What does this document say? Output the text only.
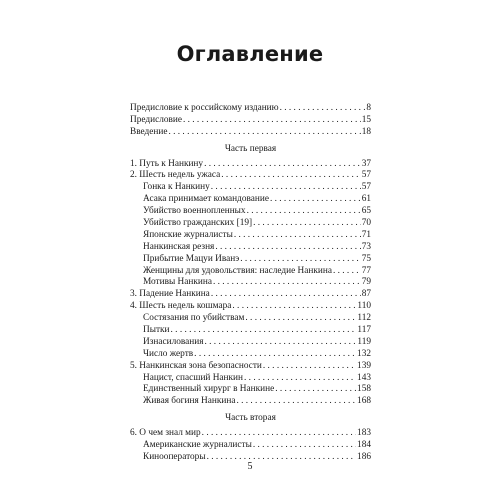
Оглавление
Предисловие к российскому изданию . . .	8
Предисловие . . .	15
Введение . . .	18
Часть первая
1. Путь к Нанкину . . .	37
2. Шесть недель ужаса . . .	57
Гонка к Нанкину . . .	57
Асака принимает командование . . .	61
Убийство военнопленных . . .	65
Убийство гражданских [19] . . .	70
Японские журналисты . . .	71
Нанкинская резня . . .	73
Прибытие Мацуи Иванэ . . .	75
Женщины для удовольствия: наследие Нанкина . . .	77
Мотивы Нанкина . . .	79
3. Падение Нанкина . . .	87
4. Шесть недель кошмара . . .	110
Состязания по убийствам . . .	112
Пытки . . .	117
Изнасилования . . .	119
Число жертв . . .	132
5. Нанкинская зона безопасности . . .	139
Нацист, спасший Нанкин . . .	143
Единственный хирург в Нанкине . . .	158
Живая богиня Нанкина . . .	168
Часть вторая
6. О чем знал мир . . .	183
Американские журналисты . . .	184
Кинооператоры . . .	186
5
